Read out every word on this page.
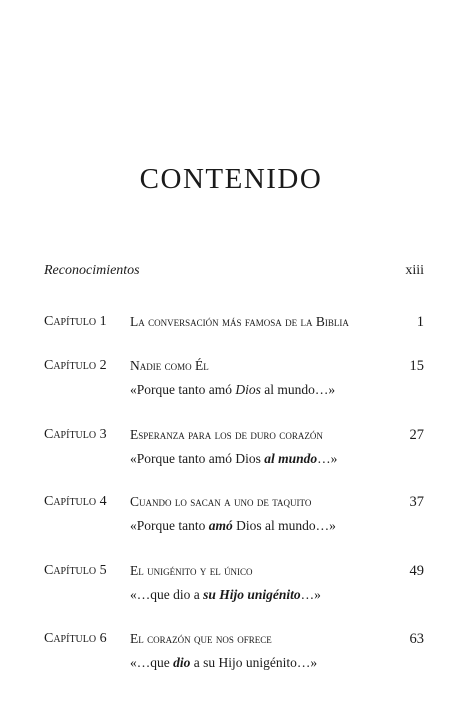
CONTENIDO
Reconocimientos	xiii
Capítulo 1 La conversación más famosa de la Biblia	1
Capítulo 2 Nadie como Él	15
«Porque tanto amó Dios al mundo…»
Capítulo 3 Esperanza para los de duro corazón	27
«Porque tanto amó Dios al mundo…»
Capítulo 4 Cuando lo sacan a uno de taquito	37
«Porque tanto amó Dios al mundo…»
Capítulo 5 El unigénito y el único	49
«…que dio a su Hijo unigénito…»
Capítulo 6 El corazón que nos ofrece	63
«…que dio a su Hijo unigénito…»
